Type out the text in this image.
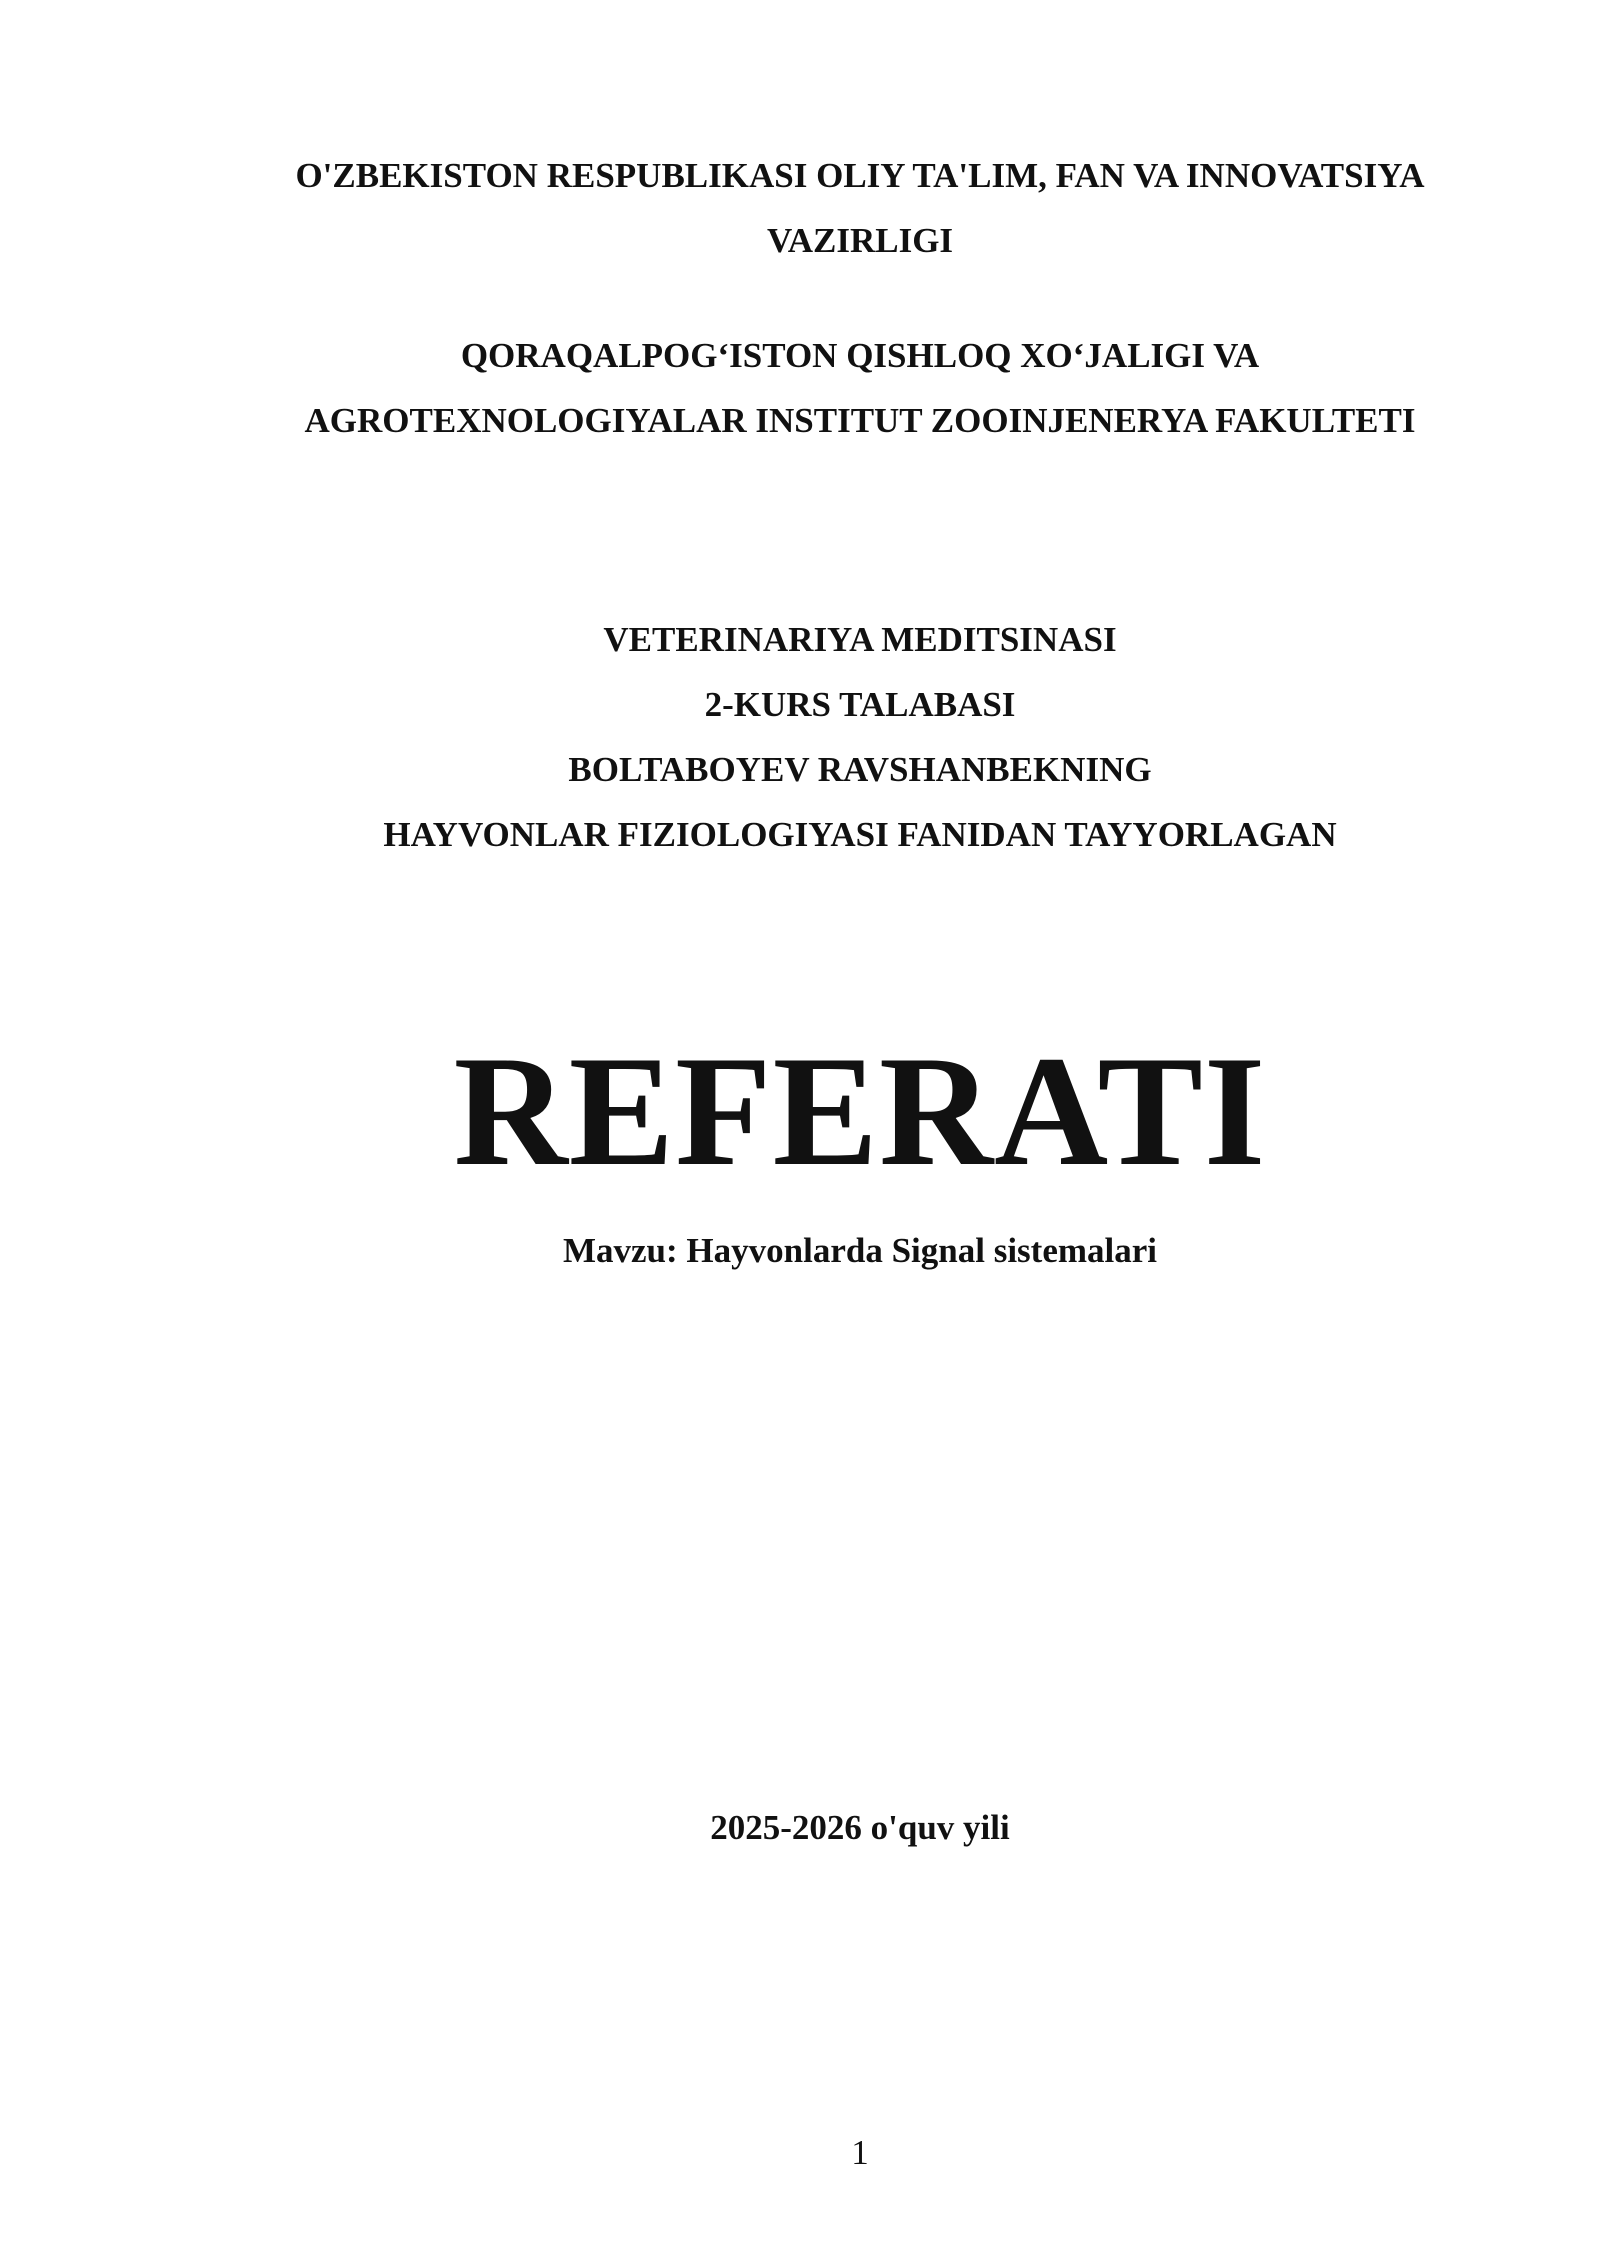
O'ZBEKISTON RESPUBLIKASI OLIY TA'LIM, FAN VA INNOVATSIYA
VAZIRLIGI
QORAQALPOG‘ISTON QISHLOQ XO‘JALIGI VA
AGROTEXNOLOGIYALAR INSTITUT ZOOINJENERYA FAKULTETI
VETERINARIYA MEDITSINASI
2-KURS TALABASI
BOLTABOYEV RAVSHANBEKNING
HAYVONLAR FIZIOLOGIYASI FANIDAN TAYYORLAGAN
REFERATI
Mavzu: Hayvonlarda Signal sistemalari
2025-2026 o'quv yili
1
